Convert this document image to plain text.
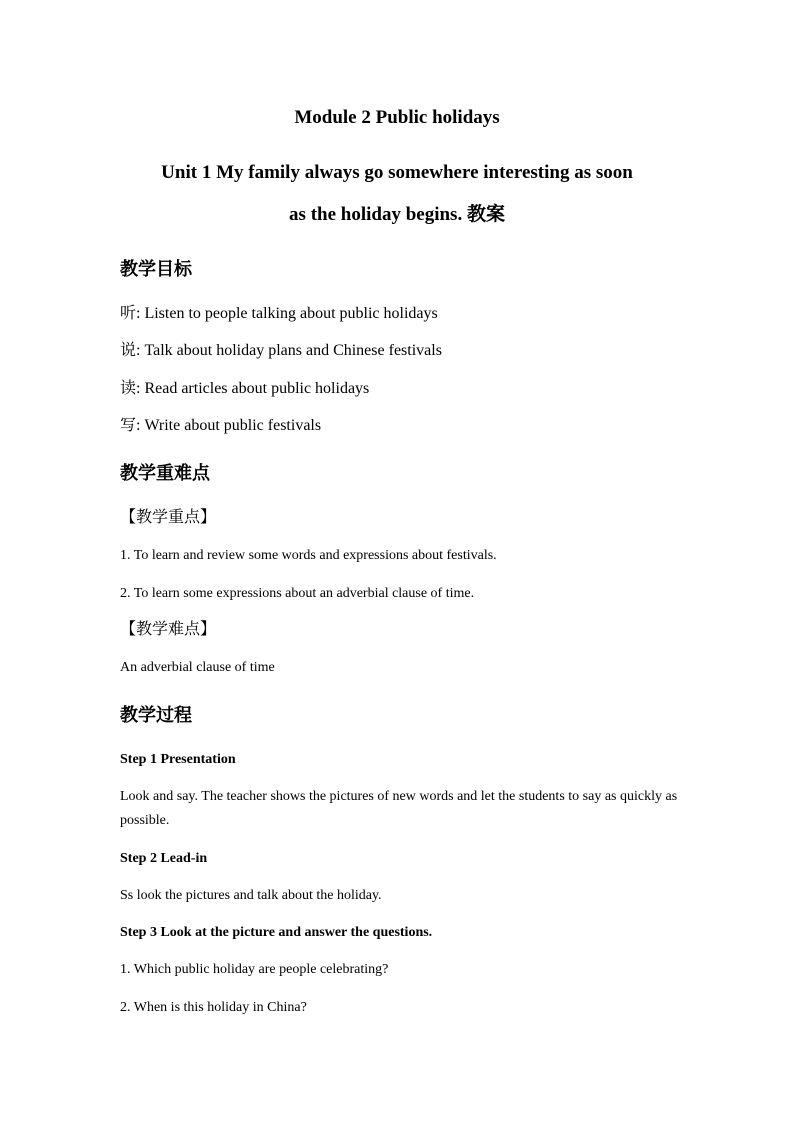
Module 2 Public holidays
Unit 1 My family always go somewhere interesting as soon
as the holiday begins. 教案
教学目标
听: Listen to people talking about public holidays
说: Talk about holiday plans and Chinese festivals
读: Read articles about public holidays
写: Write about public festivals
教学重难点
【教学重点】
1. To learn and review some words and expressions about festivals.
2. To learn some expressions about an adverbial clause of time.
【教学难点】
An adverbial clause of time
教学过程
Step 1 Presentation
Look and say. The teacher shows the pictures of new words and let the students to say as quickly as possible.
Step 2 Lead-in
Ss look the pictures and talk about the holiday.
Step 3 Look at the picture and answer the questions.
1. Which public holiday are people celebrating?
2. When is this holiday in China?
